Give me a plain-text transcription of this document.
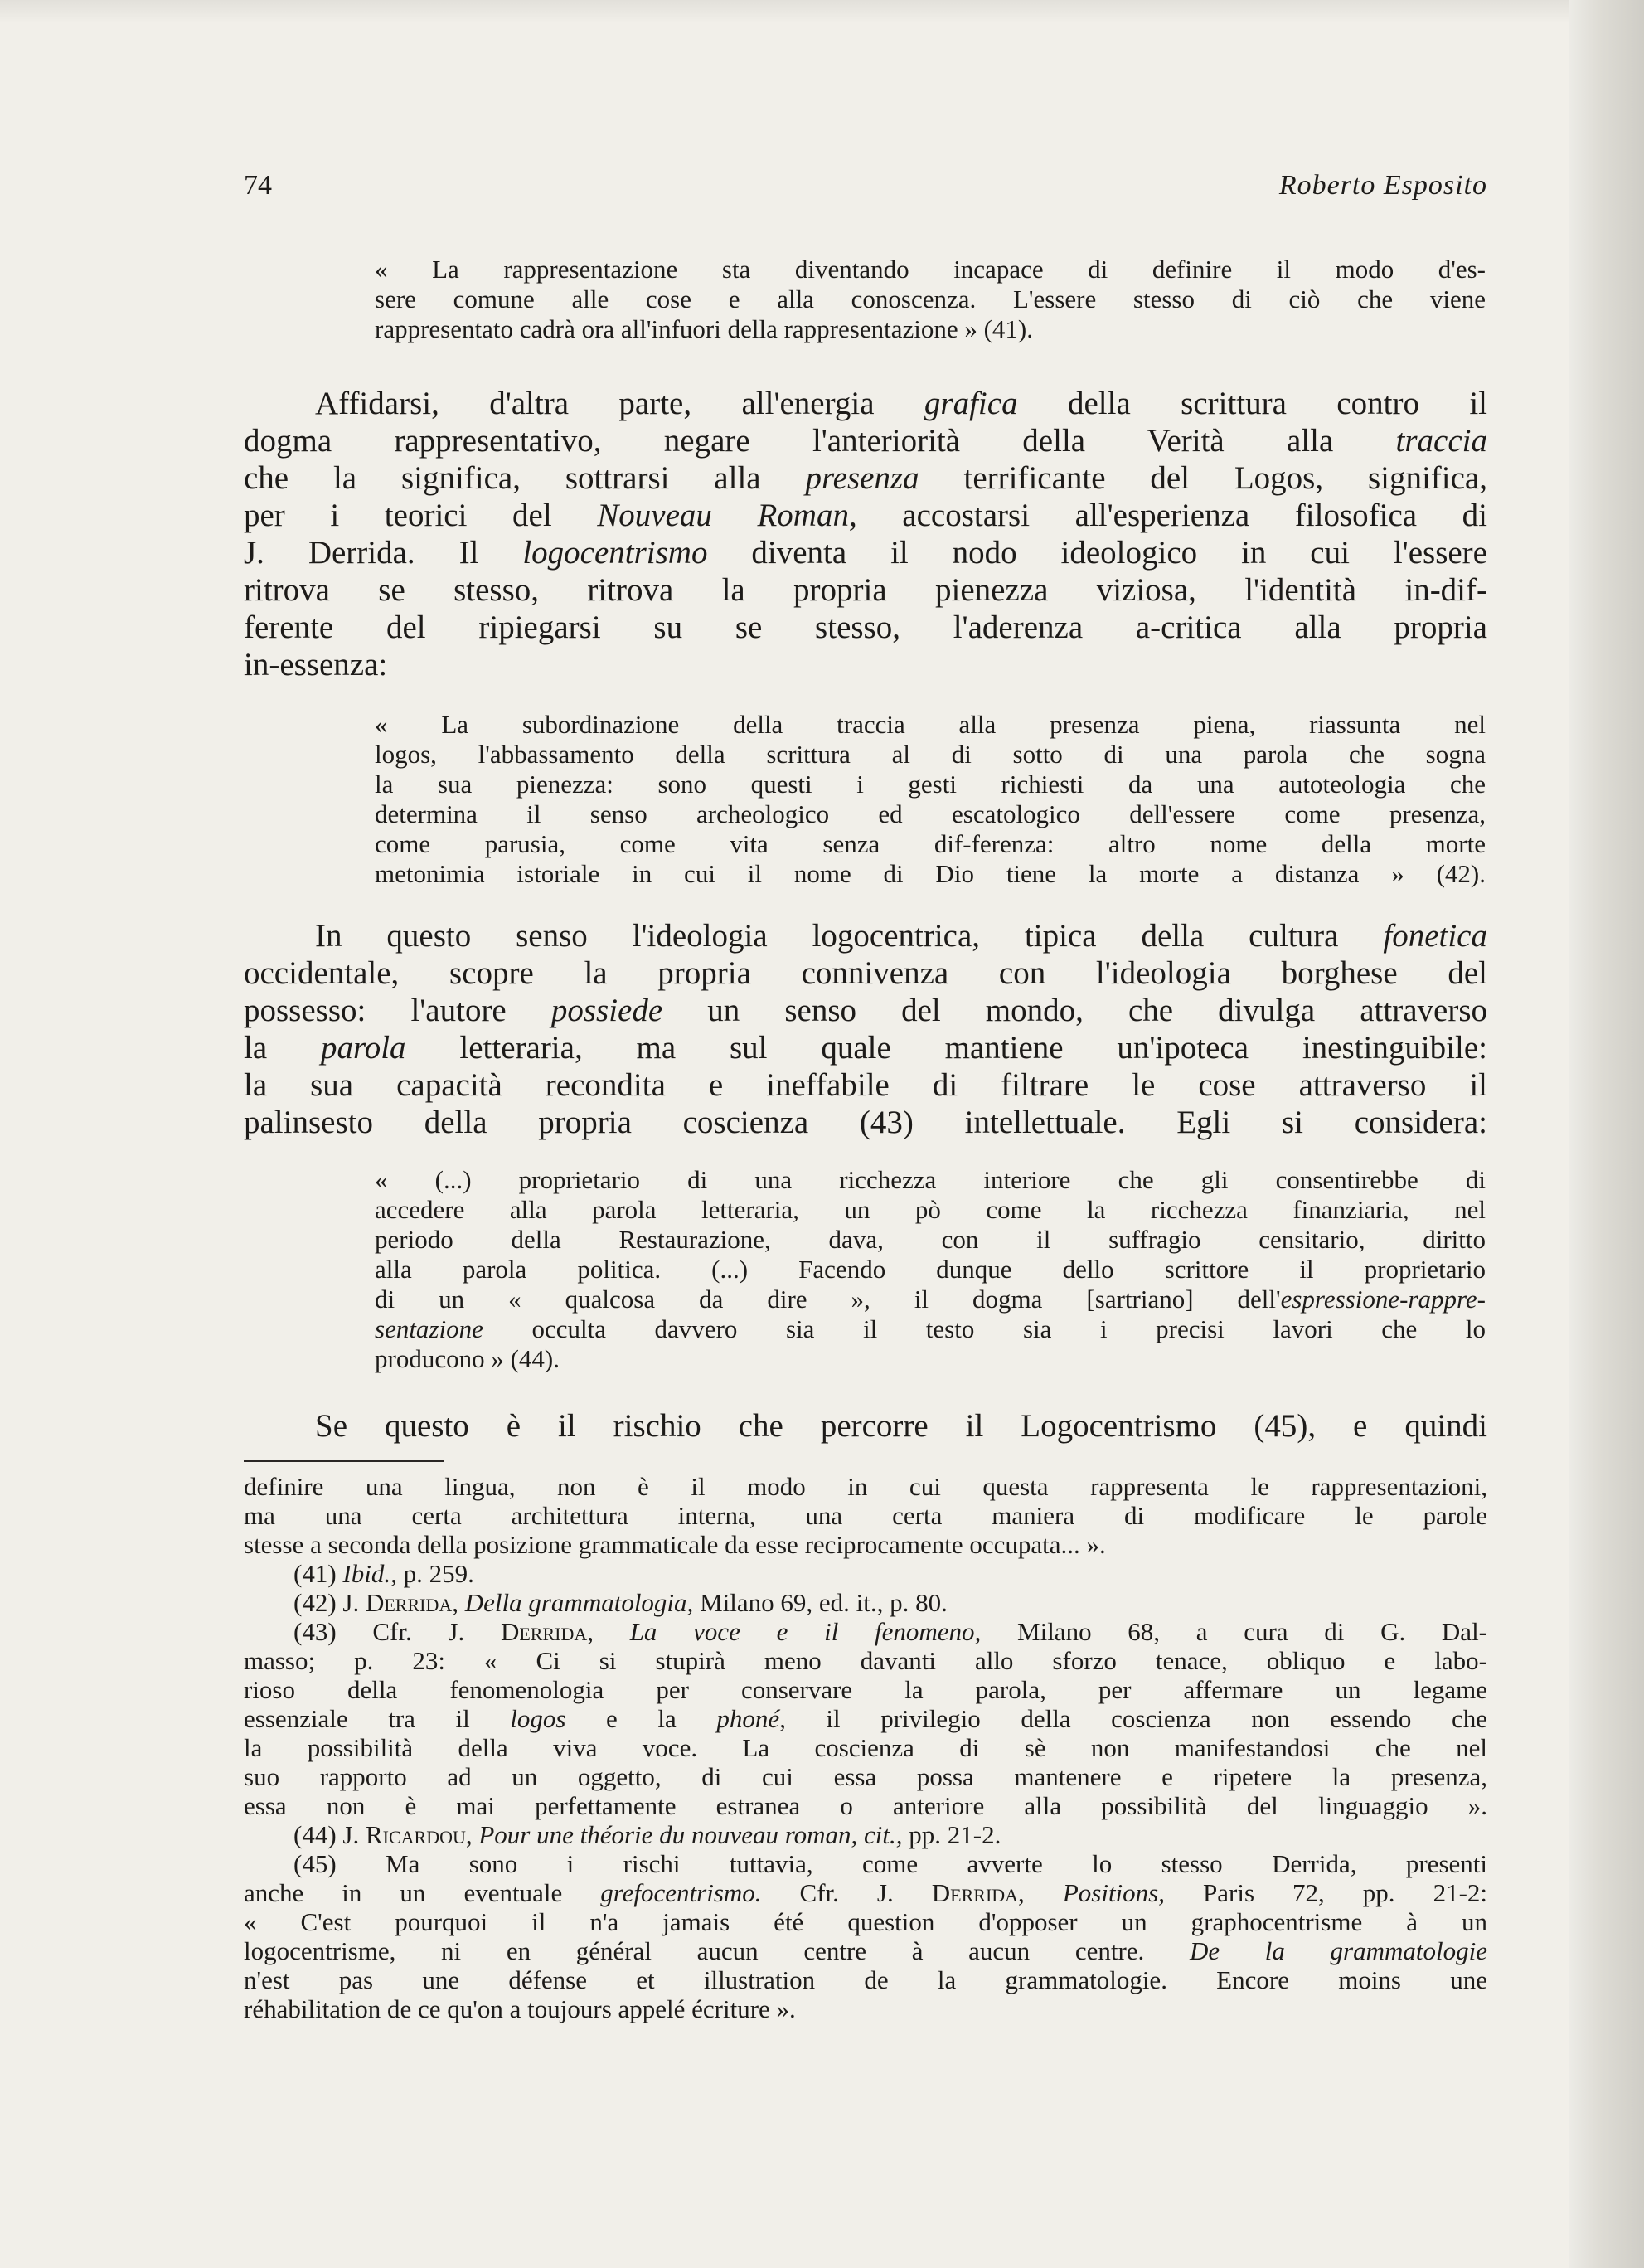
74	Roberto Esposito
« La rappresentazione sta diventando incapace di definire il modo d'es-
sere comune alle cose e alla conoscenza. L'essere stesso di ciò che viene
rappresentato cadrà ora all'infuori della rappresentazione » (41).
Affidarsi, d'altra parte, all'energia grafica della scrittura contro il
dogma rappresentativo, negare l'anteriorità della Verità alla traccia
che la significa, sottrarsi alla presenza terrificante del Logos, significa,
per i teorici del Nouveau Roman, accostarsi all'esperienza filosofica di
J. Derrida. Il logocentrismo diventa il nodo ideologico in cui l'essere
ritrova se stesso, ritrova la propria pienezza viziosa, l'identità in-dif-
ferente del ripiegarsi su se stesso, l'aderenza a-critica alla propria
in-essenza:
« La subordinazione della traccia alla presenza piena, riassunta nel
logos, l'abbassamento della scrittura al di sotto di una parola che sogna
la sua pienezza: sono questi i gesti richiesti da una autoteologia che
determina il senso archeologico ed escatologico dell'essere come presenza,
come parusia, come vita senza dif-ferenza: altro nome della morte
metonimia istoriale in cui il nome di Dio tiene la morte a distanza » (42).
In questo senso l'ideologia logocentrica, tipica della cultura fonetica
occidentale, scopre la propria connivenza con l'ideologia borghese del
possesso: l'autore possiede un senso del mondo, che divulga attraverso
la parola letteraria, ma sul quale mantiene un'ipoteca inestinguibile:
la sua capacità recondita e ineffabile di filtrare le cose attraverso il
palinsesto della propria coscienza (43) intellettuale. Egli si considera:
« (...) proprietario di una ricchezza interiore che gli consentirebbe di
accedere alla parola letteraria, un pò come la ricchezza finanziaria, nel
periodo della Restaurazione, dava, con il suffragio censitario, diritto
alla parola politica. (...) Facendo dunque dello scrittore il proprietario
di un « qualcosa da dire », il dogma [sartriano] dell'espressione-rappre-
sentazione occulta davvero sia il testo sia i precisi lavori che lo
producono » (44).
Se questo è il rischio che percorre il Logocentrismo (45), e quindi
definire una lingua, non è il modo in cui questa rappresenta le rappresentazioni,
ma una certa architettura interna, una certa maniera di modificare le parole
stesse a seconda della posizione grammaticale da esse reciprocamente occupata... ».
(41) Ibid., p. 259.
(42) J. Derrida, Della grammatologia, Milano 69, ed. it., p. 80.
(43) Cfr. J. Derrida, La voce e il fenomeno, Milano 68, a cura di G. Dal-
masso; p. 23: « Ci si stupirà meno davanti allo sforzo tenace, obliquo e labo-
rioso della fenomenologia per conservare la parola, per affermare un legame
essenziale tra il logos e la phoné, il privilegio della coscienza non essendo che
la possibilità della viva voce. La coscienza di sè non manifestandosi che nel
suo rapporto ad un oggetto, di cui essa possa mantenere e ripetere la presenza,
essa non è mai perfettamente estranea o anteriore alla possibilità del linguaggio ».
(44) J. Ricardou, Pour une théorie du nouveau roman, cit., pp. 21-2.
(45) Ma sono i rischi tuttavia, come avverte lo stesso Derrida, presenti
anche in un eventuale grefocentrismo. Cfr. J. Derrida, Positions, Paris 72, pp. 21-2:
« C'est pourquoi il n'a jamais été question d'opposer un graphocentrisme à un
logocentrisme, ni en général aucun centre à aucun centre. De la grammatologie
n'est pas une défense et illustration de la grammatologie. Encore moins une
réhabilitation de ce qu'on a toujours appelé écriture ».
